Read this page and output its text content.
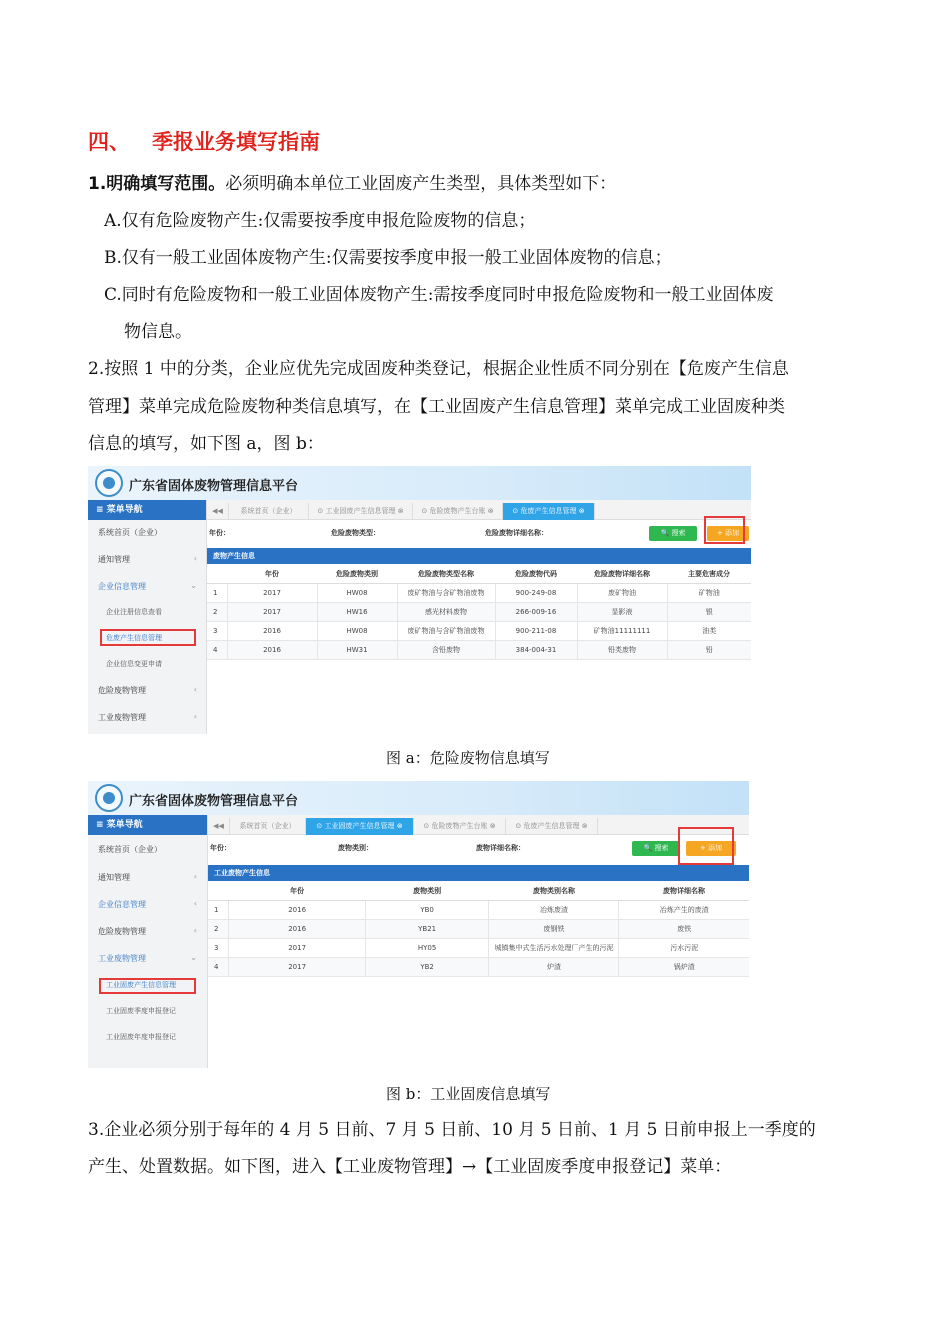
四、 季报业务填写指南
1.明确填写范围。必须明确本单位工业固废产生类型，具体类型如下：
A.仅有危险废物产生:仅需要按季度申报危险废物的信息；
B.仅有一般工业固体废物产生:仅需要按季度申报一般工业固体废物的信息；
C.同时有危险废物和一般工业固体废物产生:需按季度同时申报危险废物和一般工业固体废
物信息。
2.按照 1 中的分类，企业应优先完成固废种类登记，根据企业性质不同分别在【危废产生信息
管理】菜单完成危险废物种类信息填写，在【工业固废产生信息管理】菜单完成工业固废种类
信息的填写，如下图 a，图 b：
广东省固体废物管理信息平台
≡ 菜单导航
系统首页（企业）
通知管理	‹
企业信息管理	⌄
企业注册信息查看
危废产生信息管理
企业信息变更申请
危险废物管理	‹
工业废物管理	‹
◀◀	系统首页（企业）	⊙ 工业固废产生信息管理 ⊗	⊙ 危险废物产生台账 ⊗	⊙ 危废产生信息管理 ⊗
年份：	危险废物类型：	危险废物详细名称：	🔍 搜索	+ 添加
废物产生信息
	年份	危险废物类别	危险废物类型名称	危险废物代码	危险废物详细名称	主要危害成分
1	2017	HW08	废矿物油与含矿物油废物	900-249-08	废矿物油	矿物油
2	2017	HW16	感光材料废物	266-009-16	显影液	银
3	2016	HW08	废矿物油与含矿物油废物	900-211-08	矿物油11111111	油类
4	2016	HW31	含铅废物	384-004-31	铅类废物	铅
图 a：危险废物信息填写
广东省固体废物管理信息平台
≡ 菜单导航
系统首页（企业）
通知管理	‹
企业信息管理	‹
危险废物管理	‹
工业废物管理	⌄
工业固废产生信息管理
工业固废季度申报登记
工业固废年度申报登记
◀◀	系统首页（企业）	⊙ 工业固废产生信息管理 ⊗	⊙ 危险废物产生台账 ⊗	⊙ 危废产生信息管理 ⊗
年份：	废物类别：	废物详细名称：	🔍 搜索	+ 添加
工业废物产生信息
	年份	废物类别	废物类别名称	废物详细名称
1	2016	YB0	冶炼废渣	冶炼产生的废渣
2	2016	YB21	废钢铁	废铁
3	2017	HY05	城镇集中式生活污水处理厂产生的污泥	污水污泥
4	2017	YB2	炉渣	锅炉渣
图 b：工业固废信息填写
3.企业必须分别于每年的 4 月 5 日前、7 月 5 日前、10 月 5 日前、1 月 5 日前申报上一季度的
产生、处置数据。如下图，进入【工业废物管理】→【工业固废季度申报登记】菜单：
